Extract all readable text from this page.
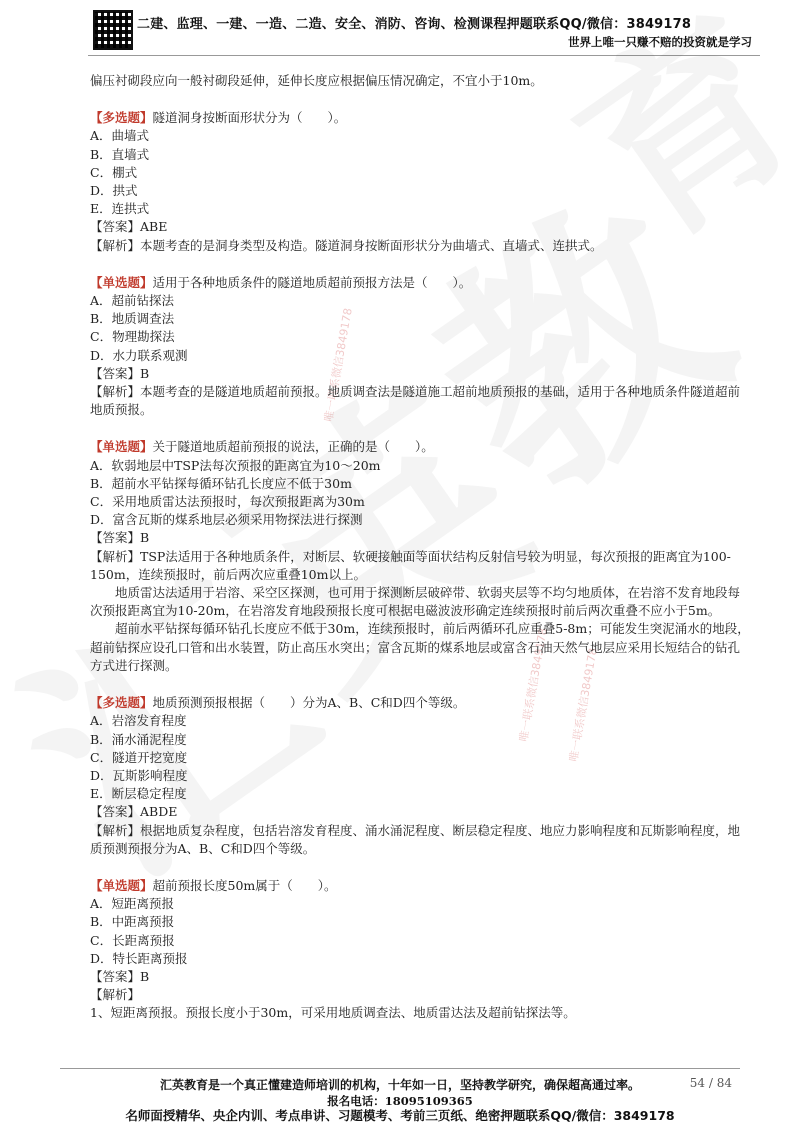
二建、监理、一建、一造、二造、安全、消防、咨询、检测课程押题联系QQ/微信：3849178
世界上唯一只赚不赔的投资就是学习
唯一联系微信3849178
唯一联系微信3849178
唯一联系微信3849178

偏压衬砌段应向一般衬砌段延伸，延伸长度应根据偏压情况确定，不宜小于10m。

【多选题】隧道洞身按断面形状分为（　　）。

A．曲墙式

B．直墙式

C．棚式

D．拱式

E．连拱式

【答案】ABE

【解析】本题考查的是洞身类型及构造。隧道洞身按断面形状分为曲墙式、直墙式、连拱式。

【单选题】适用于各种地质条件的隧道地质超前预报方法是（　　）。

A．超前钻探法

B．地质调查法

C．物理勘探法

D．水力联系观测

【答案】B

【解析】本题考查的是隧道地质超前预报。地质调查法是隧道施工超前地质预报的基础，适用于各种地质条件隧道超前地质预报。

【单选题】关于隧道地质超前预报的说法，正确的是（　　）。

A．软弱地层中TSP法每次预报的距离宜为10～20m

B．超前水平钻探每循环钻孔长度应不低于30m

C．采用地质雷达法预报时，每次预报距离为30m

D．富含瓦斯的煤系地层必须采用物探法进行探测

【答案】B

【解析】TSP法适用于各种地质条件，对断层、软硬接触面等面状结构反射信号较为明显，每次预报的距离宜为100-150m，连续预报时，前后两次应重叠10m以上。

地质雷达法适用于岩溶、采空区探测，也可用于探测断层破碎带、软弱夹层等不均匀地质体，在岩溶不发育地段每次预报距离宜为10-20m，在岩溶发育地段预报长度可根据电磁波波形确定连续预报时前后两次重叠不应小于5m。

超前水平钻探每循环钻孔长度应不低于30m，连续预报时，前后两循环孔应重叠5-8m；可能发生突泥涌水的地段，超前钻探应设孔口管和出水装置，防止高压水突出；富含瓦斯的煤系地层或富含石油天然气地层应采用长短结合的钻孔方式进行探测。

【多选题】地质预测预报根据（　　）分为A、B、C和D四个等级。

A．岩溶发育程度

B．涌水涌泥程度

C．隧道开挖宽度

D．瓦斯影响程度

E．断层稳定程度

【答案】ABDE

【解析】根据地质复杂程度，包括岩溶发育程度、涌水涌泥程度、断层稳定程度、地应力影响程度和瓦斯影响程度，地质预测预报分为A、B、C和D四个等级。

【单选题】超前预报长度50m属于（　　）。

A．短距离预报

B．中距离预报

C．长距离预报

D．特长距离预报

【答案】B

【解析】

1、短距离预报。预报长度小于30m，可采用地质调查法、地质雷达法及超前钻探法等。

汇英教育是一个真正懂建造师培训的机构，十年如一日，坚持教学研究，确保超高通过率。	54 / 84
报名电话：18095109365
名师面授精华、央企内训、考点串讲、习题模考、考前三页纸、绝密押题联系QQ/微信：3849178
